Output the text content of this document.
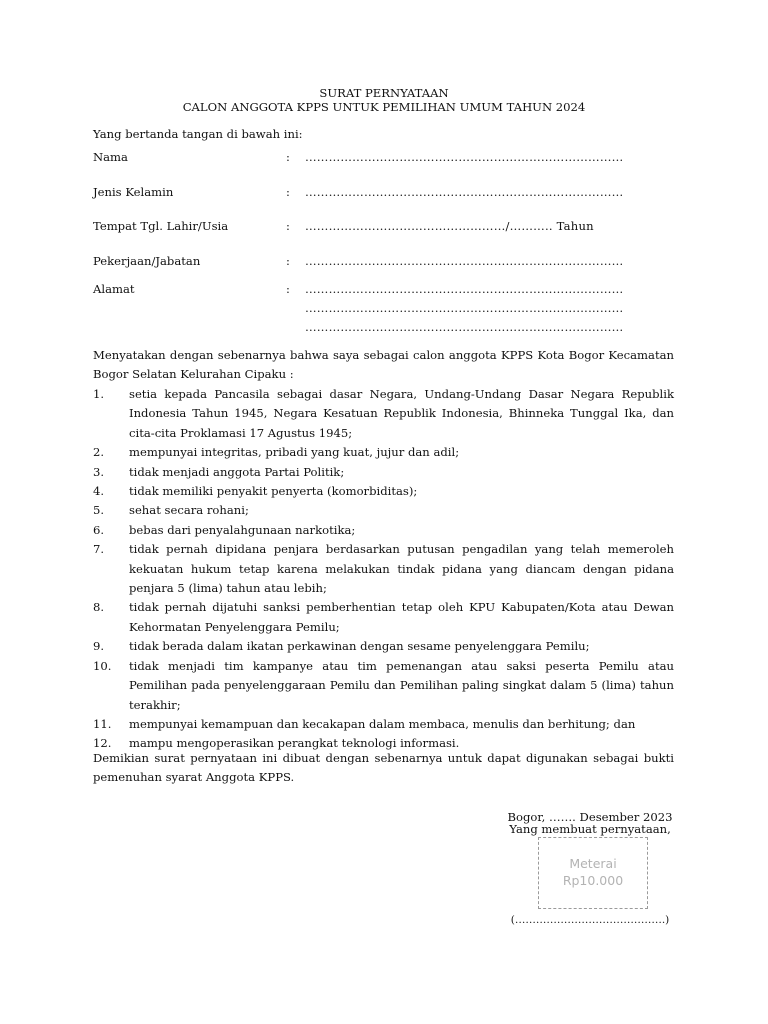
SURAT PERNYATAAN
CALON ANGGOTA KPPS UNTUK PEMILIHAN UMUM TAHUN 2024
Yang bertanda tangan di bawah ini:
Nama	: ………………………………………………………………………
Jenis Kelamin	: ………………………………………………………………………
Tempat Tgl. Lahir/Usia	: ……………………………………………/……….. Tahun
Pekerjaan/Jabatan	: ………………………………………………………………………
Alamat	: ………………………………………………………………………
………………………………………………………………………
………………………………………………………………………
Menyatakan dengan sebenarnya bahwa saya sebagai calon anggota KPPS Kota Bogor Kecamatan Bogor Selatan Kelurahan Cipaku :
1. setia kepada Pancasila sebagai dasar Negara, Undang-Undang Dasar Negara Republik Indonesia Tahun 1945, Negara Kesatuan Republik Indonesia, Bhinneka Tunggal Ika, dan cita-cita Proklamasi 17 Agustus 1945;
2. mempunyai integritas, pribadi yang kuat, jujur dan adil;
3. tidak menjadi anggota Partai Politik;
4. tidak memiliki penyakit penyerta (komorbiditas);
5. sehat secara rohani;
6. bebas dari penyalahgunaan narkotika;
7. tidak pernah dipidana penjara berdasarkan putusan pengadilan yang telah memeroleh kekuatan hukum tetap karena melakukan tindak pidana yang diancam dengan pidana penjara 5 (lima) tahun atau lebih;
8. tidak pernah dijatuhi sanksi pemberhentian tetap oleh KPU Kabupaten/Kota atau Dewan Kehormatan Penyelenggara Pemilu;
9. tidak berada dalam ikatan perkawinan dengan sesame penyelenggara Pemilu;
10. tidak menjadi tim kampanye atau tim pemenangan atau saksi peserta Pemilu atau Pemilihan pada penyelenggaraan Pemilu dan Pemilihan paling singkat dalam 5 (lima) tahun terakhir;
11. mempunyai kemampuan dan kecakapan dalam membaca, menulis dan berhitung; dan
12. mampu mengoperasikan perangkat teknologi informasi.
Demikian surat pernyataan ini dibuat dengan sebenarnya untuk dapat digunakan sebagai bukti pemenuhan syarat Anggota KPPS.
Bogor, ……. Desember 2023
Yang membuat pernyataan,
Meterai
Rp10.000
(…………………………………….)
